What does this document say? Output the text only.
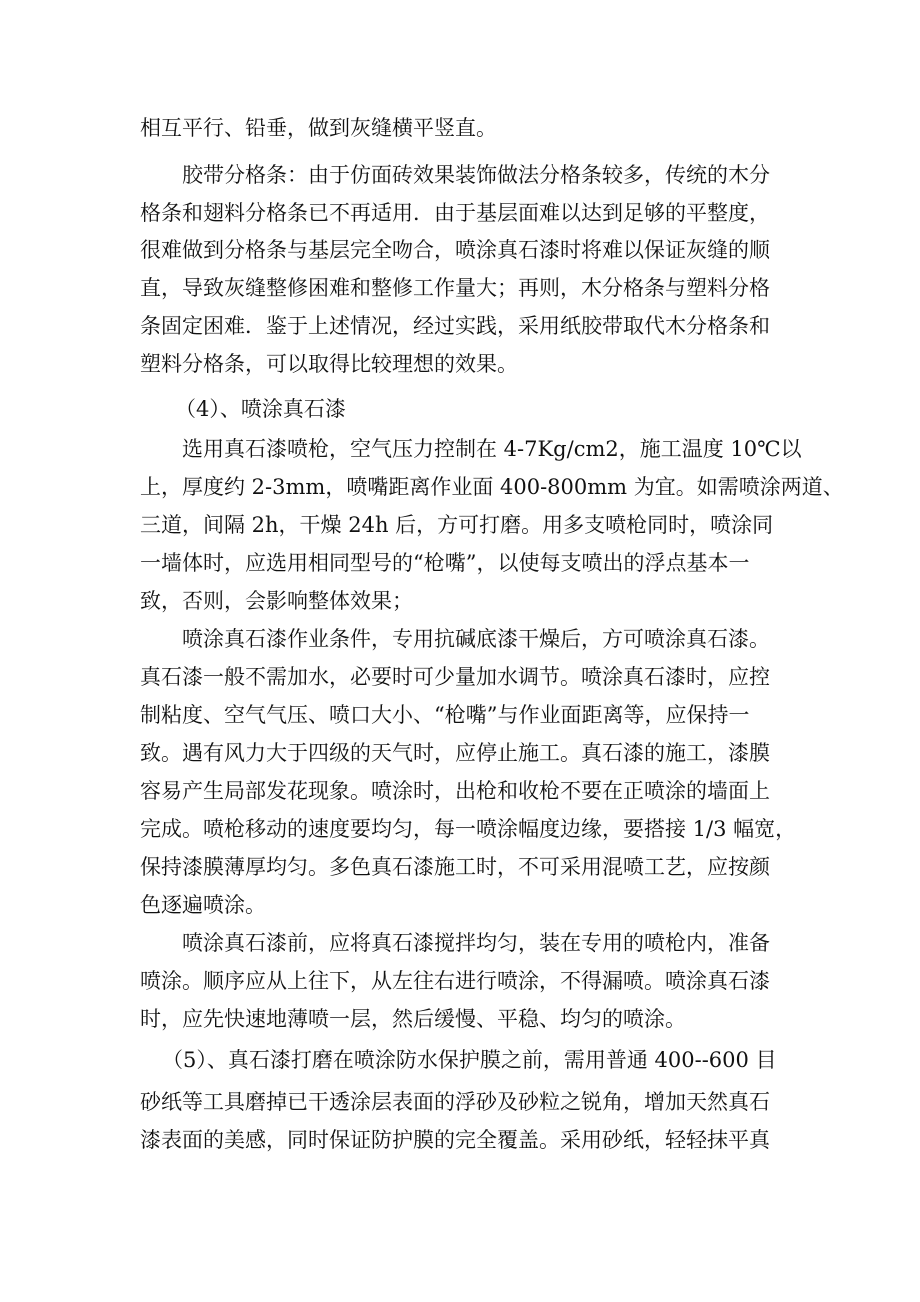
相互平行、铅垂，做到灰缝横平竖直。
胶带分格条：由于仿面砖效果装饰做法分格条较多，传统的木分
格条和翅料分格条已不再适用．由于基层面难以达到足够的平整度，
很难做到分格条与基层完全吻合，喷涂真石漆时将难以保证灰缝的顺
直，导致灰缝整修困难和整修工作量大；再则，木分格条与塑料分格
条固定困难．鉴于上述情况，经过实践，采用纸胶带取代木分格条和
塑料分格条，可以取得比较理想的效果。
（4）、喷涂真石漆
选用真石漆喷枪，空气压力控制在 4-7Kg/cm2，施工温度 10℃以
上，厚度约 2-3mm，喷嘴距离作业面 400-800mm 为宜。如需喷涂两道、
三道，间隔 2h，干燥 24h 后，方可打磨。用多支喷枪同时，喷涂同
一墙体时，应选用相同型号的“枪嘴”，以使每支喷出的浮点基本一
致，否则，会影响整体效果；
喷涂真石漆作业条件，专用抗碱底漆干燥后，方可喷涂真石漆。
真石漆一般不需加水，必要时可少量加水调节。喷涂真石漆时，应控
制粘度、空气气压、喷口大小、“枪嘴”与作业面距离等，应保持一
致。遇有风力大于四级的天气时，应停止施工。真石漆的施工，漆膜
容易产生局部发花现象。喷涂时，出枪和收枪不要在正喷涂的墙面上
完成。喷枪移动的速度要均匀，每一喷涂幅度边缘，要搭接 1/3 幅宽，
保持漆膜薄厚均匀。多色真石漆施工时，不可采用混喷工艺，应按颜
色逐遍喷涂。
喷涂真石漆前，应将真石漆搅拌均匀，装在专用的喷枪内，准备
喷涂。顺序应从上往下，从左往右进行喷涂，不得漏喷。喷涂真石漆
时，应先快速地薄喷一层，然后缓慢、平稳、均匀的喷涂。
（5）、真石漆打磨在喷涂防水保护膜之前，需用普通 400--600 目
砂纸等工具磨掉已干透涂层表面的浮砂及砂粒之锐角，增加天然真石
漆表面的美感，同时保证防护膜的完全覆盖。采用砂纸，轻轻抹平真
